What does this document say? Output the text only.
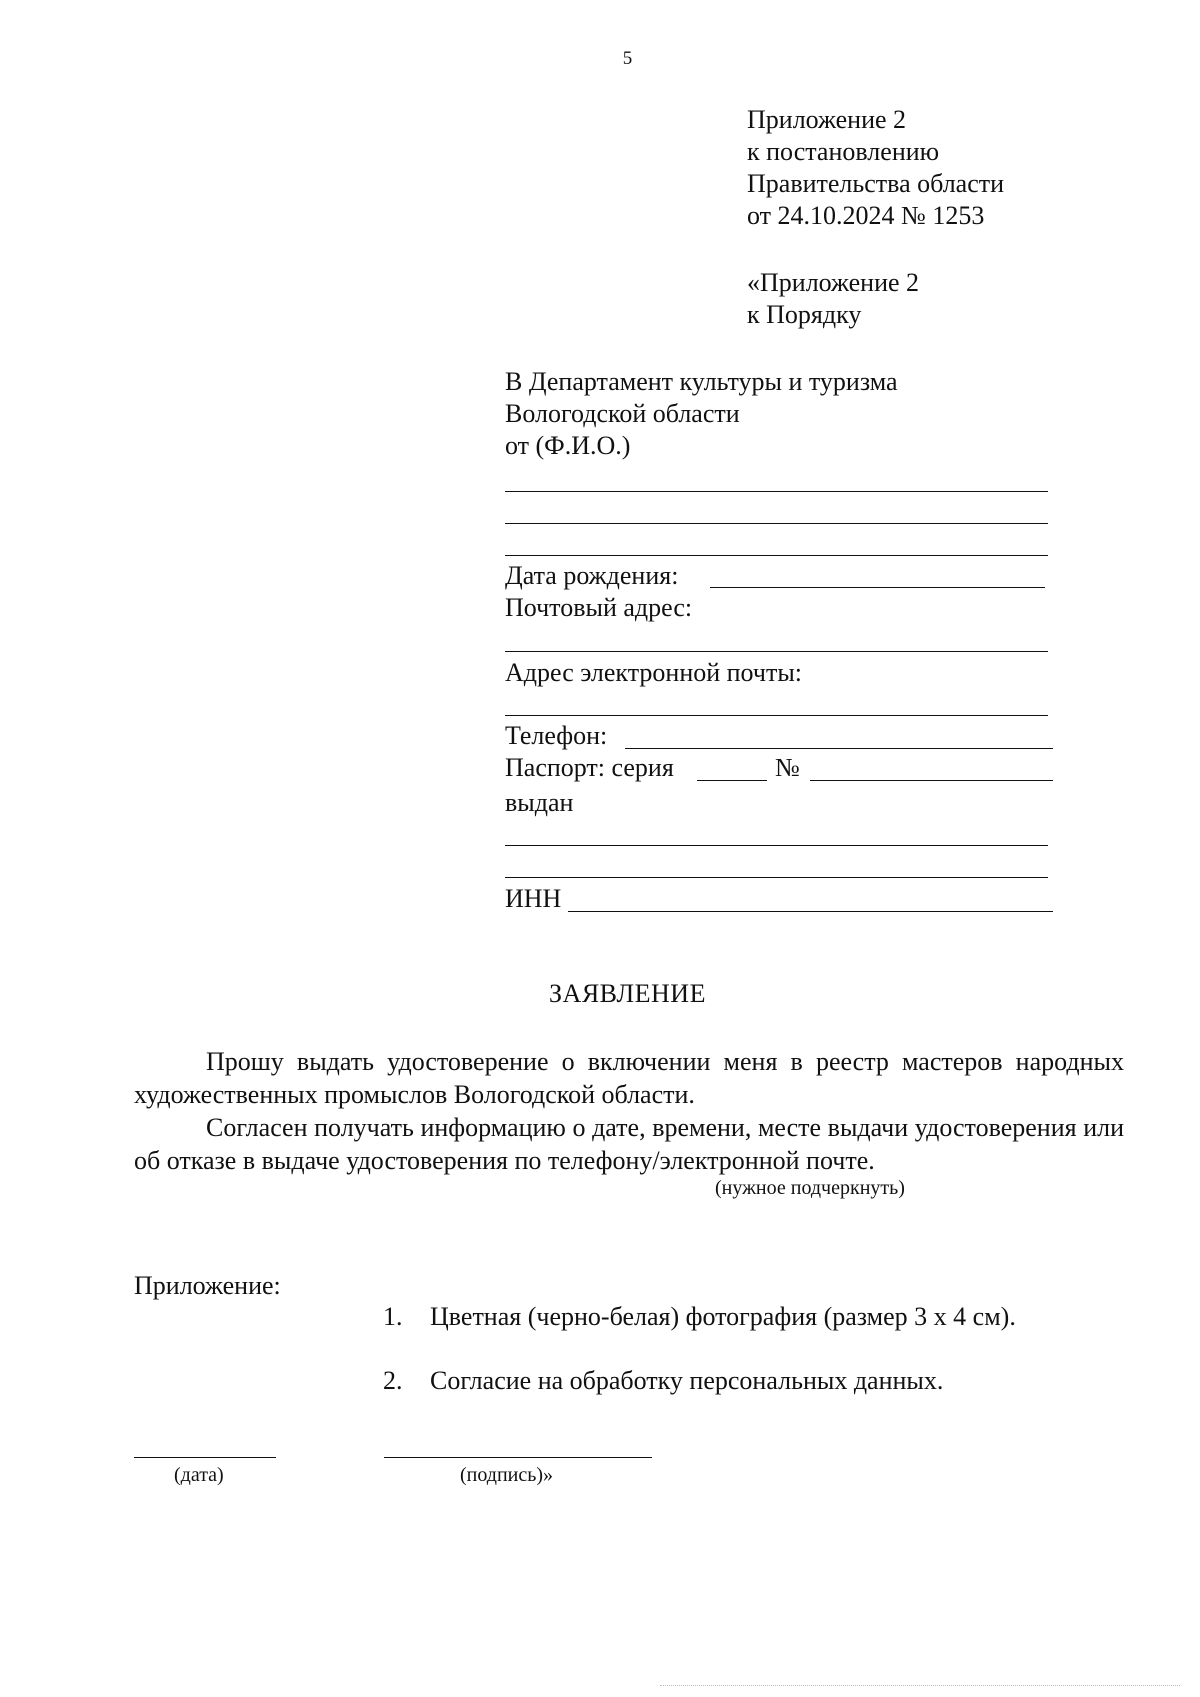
5
Приложение 2
к постановлению
Правительства области
от 24.10.2024 № 1253
«Приложение 2
к Порядку
В Департамент культуры и туризма
Вологодской области
от (Ф.И.О.)
Дата рождения:
Почтовый адрес:
Адрес электронной почты:
Телефон:
Паспорт: серия	№
выдан
ИНН
ЗАЯВЛЕНИЕ
Прошу выдать удостоверение о включении меня в реестр мастеров народных художественных промыслов Вологодской области.
Согласен получать информацию о дате, времени, месте выдачи удостоверения или об отказе в выдаче удостоверения по телефону/электронной почте.
(нужное подчеркнуть)
Приложение:
1. Цветная (черно-белая) фотография (размер 3 х 4 см).
2. Согласие на обработку персональных данных.
(дата)	(подпись)»
